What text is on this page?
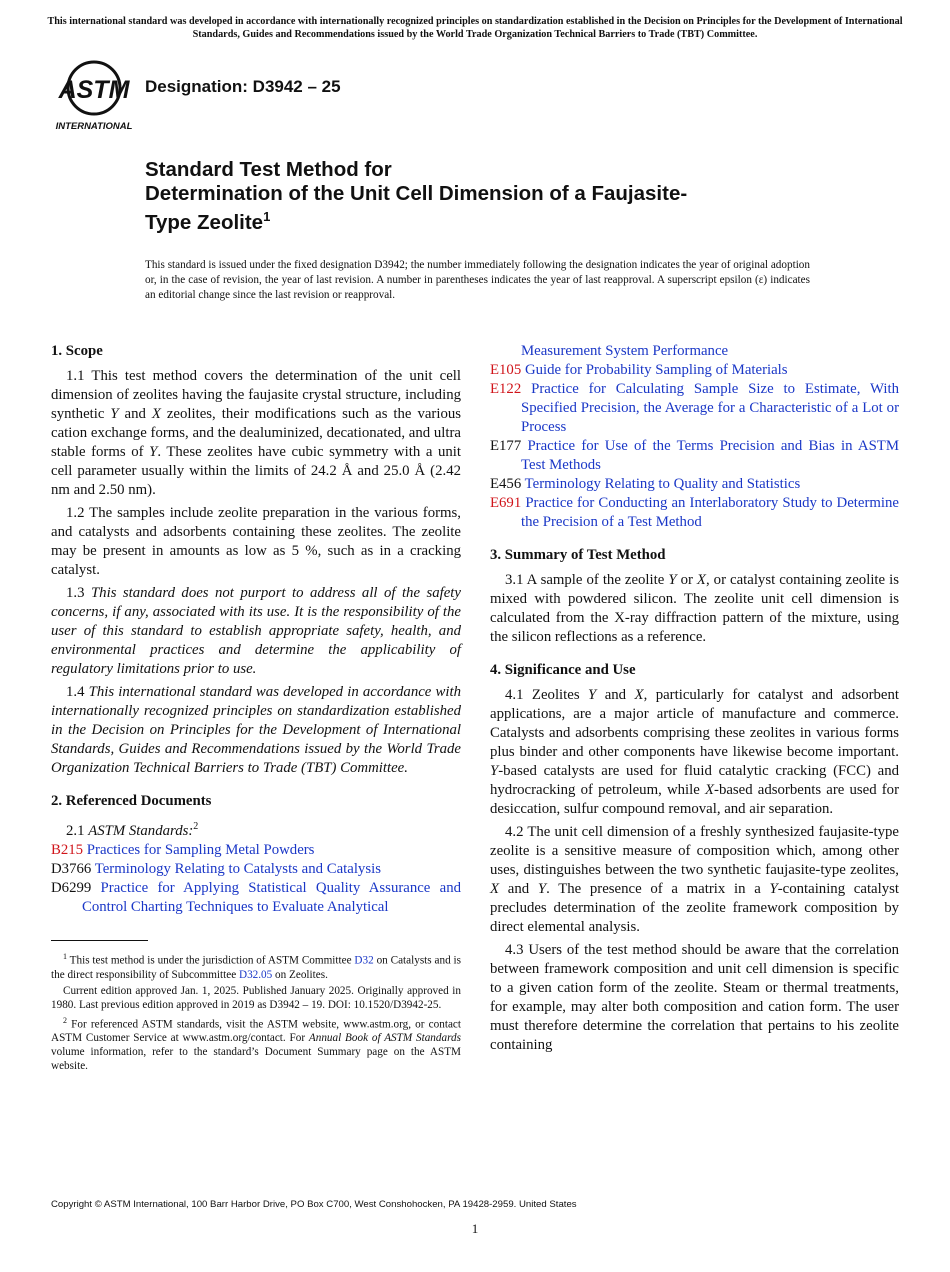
This international standard was developed in accordance with internationally recognized principles on standardization established in the Decision on Principles for the Development of International Standards, Guides and Recommendations issued by the World Trade Organization Technical Barriers to Trade (TBT) Committee.
ASTM
INTERNATIONAL
Designation: D3942 – 25
Standard Test Method for
Determination of the Unit Cell Dimension of a Faujasite-
Type Zeolite$^1$
This standard is issued under the fixed designation D3942; the number immediately following the designation indicates the year of original adoption or, in the case of revision, the year of last revision. A number in parentheses indicates the year of last reapproval. A superscript epsilon (ε) indicates an editorial change since the last revision or reapproval.
1. Scope

1.1 This test method covers the determination of the unit cell dimension of zeolites having the faujasite crystal structure, including synthetic Y and X zeolites, their modifications such as the various cation exchange forms, and the dealuminized, decationated, and ultra stable forms of Y. These zeolites have cubic symmetry with a unit cell parameter usually within the limits of 24.2 Å and 25.0 Å (2.42 nm and 2.50 nm).

1.2 The samples include zeolite preparation in the various forms, and catalysts and adsorbents containing these zeolites. The zeolite may be present in amounts as low as 5 %, such as in a cracking catalyst.

1.3 This standard does not purport to address all of the safety concerns, if any, associated with its use. It is the responsibility of the user of this standard to establish appropriate safety, health, and environmental practices and determine the applicability of regulatory limitations prior to use.

1.4 This international standard was developed in accordance with internationally recognized principles on standardization established in the Decision on Principles for the Development of International Standards, Guides and Recommendations issued by the World Trade Organization Technical Barriers to Trade (TBT) Committee.

2. Referenced Documents
2.1 ASTM Standards:$^2$

B215 Practices for Sampling Metal Powders

D3766 Terminology Relating to Catalysts and Catalysis

D6299 Practice for Applying Statistical Quality Assurance and Control Charting Techniques to Evaluate Analytical

$^1$ This test method is under the jurisdiction of ASTM Committee D32 on Catalysts and is the direct responsibility of Subcommittee D32.05 on Zeolites.

Current edition approved Jan. 1, 2025. Published January 2025. Originally approved in 1980. Last previous edition approved in 2019 as D3942 – 19. DOI: 10.1520/D3942-25.

$^2$ For referenced ASTM standards, visit the ASTM website, www.astm.org, or contact ASTM Customer Service at www.astm.org/contact. For Annual Book of ASTM Standards volume information, refer to the standard’s Document Summary page on the ASTM website.

Measurement System Performance

E105 Guide for Probability Sampling of Materials

E122 Practice for Calculating Sample Size to Estimate, With Specified Precision, the Average for a Characteristic of a Lot or Process

E177 Practice for Use of the Terms Precision and Bias in ASTM Test Methods

E456 Terminology Relating to Quality and Statistics

E691 Practice for Conducting an Interlaboratory Study to Determine the Precision of a Test Method

3. Summary of Test Method

3.1 A sample of the zeolite Y or X, or catalyst containing zeolite is mixed with powdered silicon. The zeolite unit cell dimension is calculated from the X-ray diffraction pattern of the mixture, using the silicon reflections as a reference.

4. Significance and Use

4.1 Zeolites Y and X, particularly for catalyst and adsorbent applications, are a major article of manufacture and commerce. Catalysts and adsorbents comprising these zeolites in various forms plus binder and other components have likewise become important. Y-based catalysts are used for fluid catalytic cracking (FCC) and hydrocracking of petroleum, while X-based adsorbents are used for desiccation, sulfur compound removal, and air separation.

4.2 The unit cell dimension of a freshly synthesized faujasite-type zeolite is a sensitive measure of composition which, among other uses, distinguishes between the two synthetic faujasite-type zeolites, X and Y. The presence of a matrix in a Y-containing catalyst precludes determination of the zeolite framework composition by direct elemental analysis.

4.3 Users of the test method should be aware that the correlation between framework composition and unit cell dimension is specific to a given cation form of the zeolite. Steam or thermal treatments, for example, may alter both composition and cation form. The user must therefore determine the correlation that pertains to his zeolite containing

Copyright © ASTM International, 100 Barr Harbor Drive, PO Box C700, West Conshohocken, PA 19428-2959. United States
1
